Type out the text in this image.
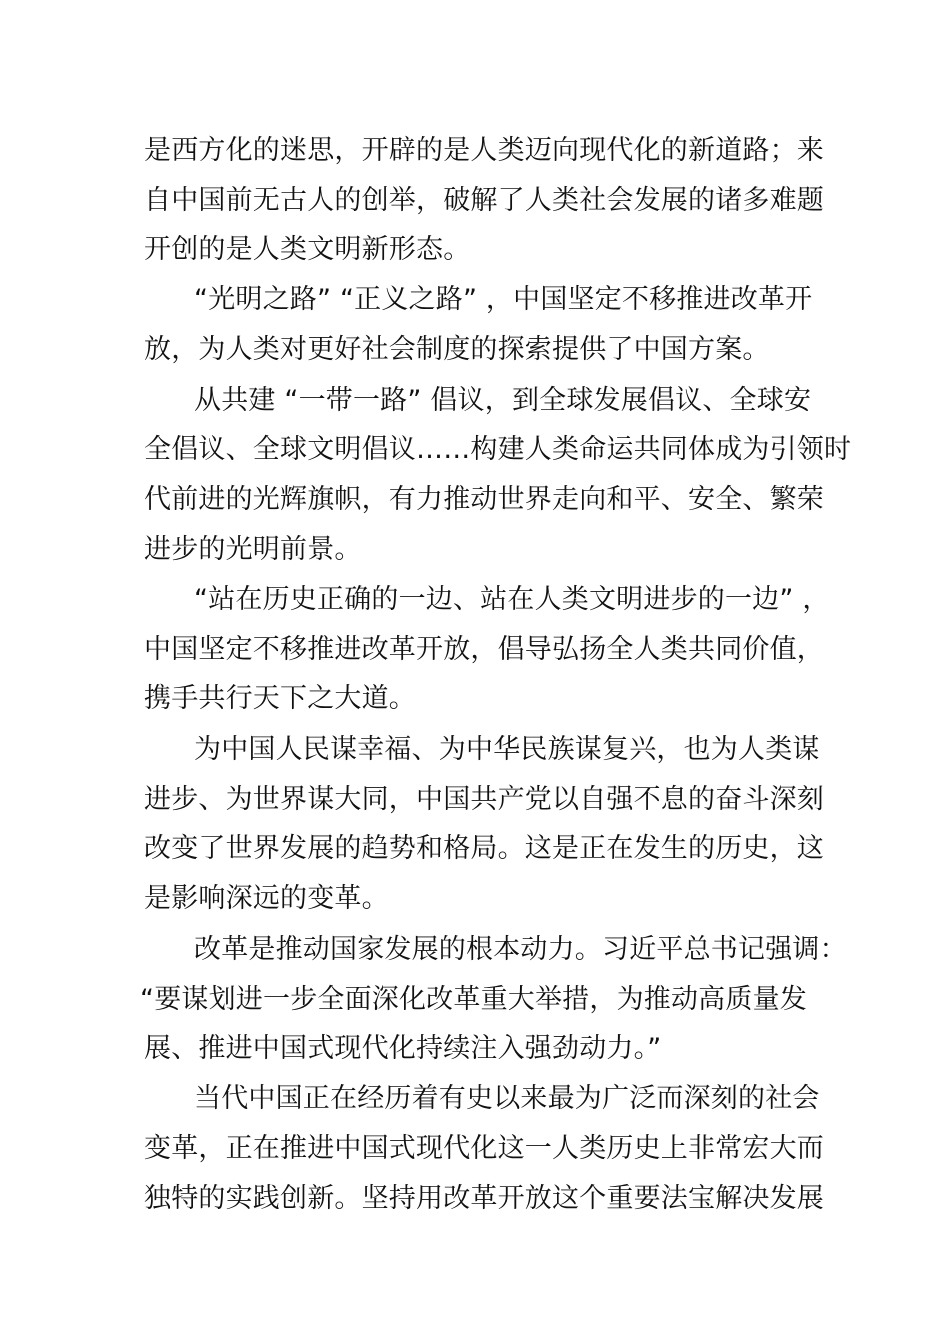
是西方化的迷思，开辟的是人类迈向现代化的新道路；来

自中国前无古人的创举，破解了人类社会发展的诸多难题

开创的是人类文明新形态。

“光明之路” “正义之路” ，中国坚定不移推进改革开

放，为人类对更好社会制度的探索提供了中国方案。

从共建 “一带一路” 倡议，到全球发展倡议、全球安

全倡议、全球文明倡议……构建人类命运共同体成为引领时

代前进的光辉旗帜，有力推动世界走向和平、安全、繁荣

进步的光明前景。

“站在历史正确的一边、站在人类文明进步的一边” ，

中国坚定不移推进改革开放，倡导弘扬全人类共同价值，

携手共行天下之大道。

为中国人民谋幸福、为中华民族谋复兴，也为人类谋

进步、为世界谋大同，中国共产党以自强不息的奋斗深刻

改变了世界发展的趋势和格局。这是正在发生的历史，这

是影响深远的变革。

改革是推动国家发展的根本动力。习近平总书记强调：

“要谋划进一步全面深化改革重大举措，为推动高质量发

展、推进中国式现代化持续注入强劲动力。”

当代中国正在经历着有史以来最为广泛而深刻的社会

变革，正在推进中国式现代化这一人类历史上非常宏大而

独特的实践创新。坚持用改革开放这个重要法宝解决发展
